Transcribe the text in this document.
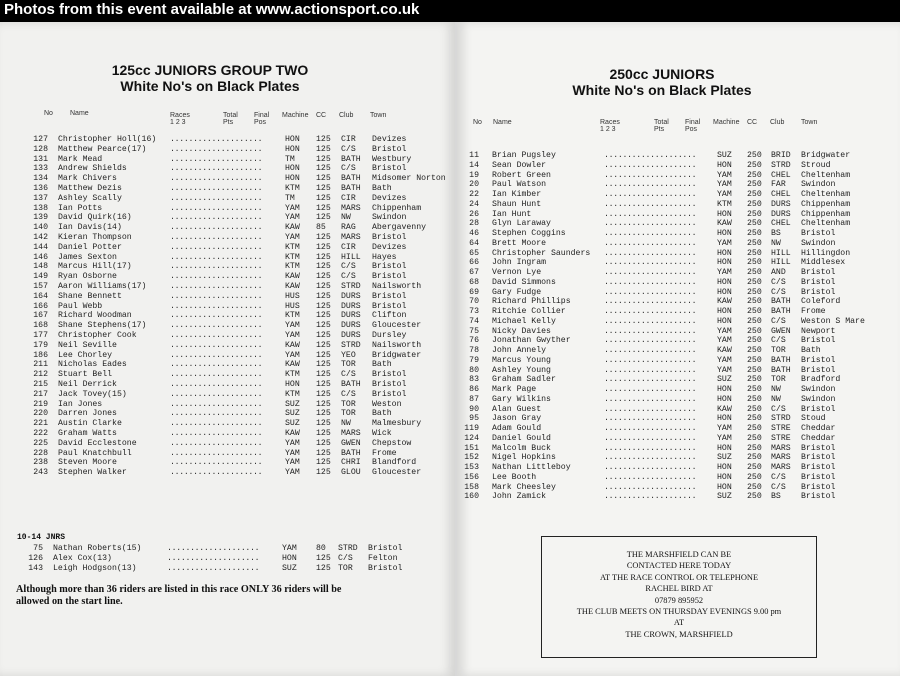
Photos from this event available at www.actionsport.co.uk
125cc JUNIORS GROUP TWO
White No's on Black Plates
No Name	Races
1 2 3
Total
Pts
Final
Pos
Machine CC Club Town
127 Christopher Holl(16) ....................	HON 125 CIR Devizes
128 Matthew Pearce(17)	....................	HON 125 C/S Bristol
131 Mark Mead	....................	TM	125 BATH Westbury
133 Andrew Shields	....................	HON 125 C/S Bristol
134 Mark Chivers	....................	HON 125 BATH Midsomer Norton
136 Matthew Dezis	....................	KTM 125 BATH Bath
137 Ashley Scally	....................	TM	125 CIR Devizes
138 Ian Potts	....................	YAM 125 MARS Chippenham
139 David Quirk(16)	....................	YAM 125 NW	Swindon
140 Ian Davis(14)	....................	KAW 85 RAG Abergavenny
142 Kieran Thompson	....................	YAM 125 MARS Bristol
144 Daniel Potter	....................	KTM 125 CIR Devizes
146 James Sexton	....................	KTM 125 HILL Hayes
148 Marcus Hill(17)	....................	KTM 125 C/S Bristol
149 Ryan Osborne	....................	KAW 125 C/S Bristol
157 Aaron Williams(17)	....................	KAW 125 STRD Nailsworth
164 Shane Bennett	....................	HUS 125 DURS Bristol
166 Paul Webb	....................	HUS 125 DURS Bristol
167 Richard Woodman	....................	KTM 125 DURS Clifton
168 Shane Stephens(17)	....................	YAM 125 DURS Gloucester
177 Christopher Cook	....................	YAM 125 DURS Dursley
179 Neil Seville	....................	KAW 125 STRD Nailsworth
186 Lee Chorley	....................	YAM 125 YEO Bridgwater
211 Nicholas Eades	....................	KAW 125 TOR Bath
212 Stuart Bell	....................	KTM 125 C/S Bristol
215 Neil Derrick	....................	HON 125 BATH Bristol
217 Jack Tovey(15)	....................	KTM 125 C/S Bristol
219 Ian Jones	....................	SUZ 125 TOR Weston
220 Darren Jones	....................	SUZ 125 TOR Bath
221 Austin Clarke	....................	SUZ 125 NW	Malmesbury
222 Graham Watts	....................	KAW 125 MARS Wick
225 David Ecclestone	....................	YAM 125 GWEN Chepstow
228 Paul Knatchbull	....................	YAM 125 BATH Frome
238 Steven Moore	....................	YAM 125 CHRI Blandford
243 Stephen Walker	....................	YAM 125 GLOU Gloucester
10-14 JNRS
75 Nathan Roberts(15)	....................	YAM 80 STRD Bristol
126 Alex Cox(13)	....................	HON 125 C/S Felton
143 Leigh Hodgson(13)	....................	SUZ 125 TOR Bristol
Although more than 36 riders are listed in this race ONLY 36 riders will be allowed on the start line.
250cc JUNIORS
White No's on Black Plates
No Name	Races
1 2 3
Total
Pts
Final
Pos
Machine CC Club Town
11 Brian Pugsley	....................	SUZ 250 BRID Bridgwater
14 Sean Dowler	....................	HON 250 STRD Stroud
19 Robert Green	....................	YAM 250 CHEL Cheltenham
20 Paul Watson	....................	YAM 250 FAR Swindon
22 Ian Kimber	....................	YAM 250 CHEL Cheltenham
24 Shaun Hunt	....................	KTM 250 DURS Chippenham
26 Ian Hunt	....................	HON 250 DURS Chippenham
28 Glyn Laraway	....................	KAW 250 CHEL Cheltenham
46 Stephen Coggins	....................	HON 250 BS Bristol
64 Brett Moore	....................	YAM 250 NW Swindon
65 Christopher Saunders ....................	HON 250 HILL Hillingdon
66 John Ingram	....................	HON 250 HILL Middlesex
67 Vernon Lye	....................	YAM 250 AND Bristol
68 David Simmons	....................	HON 250 C/S Bristol
69 Gary Fudge	....................	HON 250 C/S Bristol
70 Richard Phillips	....................	KAW 250 BATH Coleford
73 Ritchie Collier	....................	HON 250 BATH Frome
74 Michael Kelly	....................	HON 250 C/S Weston S Mare
75 Nicky Davies	....................	YAM 250 GWEN Newport
76 Jonathan Gwyther	....................	YAM 250 C/S Bristol
78 John Annely	....................	KAW 250 TOR Bath
79 Marcus Young	....................	YAM 250 BATH Bristol
80 Ashley Young	....................	YAM 250 BATH Bristol
83 Graham Sadler	....................	SUZ 250 TOR Bradford
86 Mark Page	....................	HON 250 NW Swindon
87 Gary Wilkins	....................	HON 250 NW Swindon
90 Alan Guest	....................	KAW 250 C/S Bristol
95 Jason Gray	....................	HON 250 STRD Stoud
119 Adam Gould	....................	YAM 250 STRE Cheddar
124 Daniel Gould	....................	YAM 250 STRE Cheddar
151 Malcolm Buck	....................	HON 250 MARS Bristol
152 Nigel Hopkins	....................	SUZ 250 MARS Bristol
153 Nathan Littleboy	....................	HON 250 MARS Bristol
156 Lee Booth	....................	HON 250 C/S Bristol
158 Mark Cheesley	....................	HON 250 C/S Bristol
160 John Zamick	....................	SUZ 250 BS Bristol
THE MARSHFIELD CAN BE
CONTACTED HERE TODAY
AT THE RACE CONTROL OR TELEPHONE
RACHEL BIRD AT
07879 895952
THE CLUB MEETS ON THURSDAY EVENINGS 9.00 pm
AT
THE CROWN, MARSHFIELD
